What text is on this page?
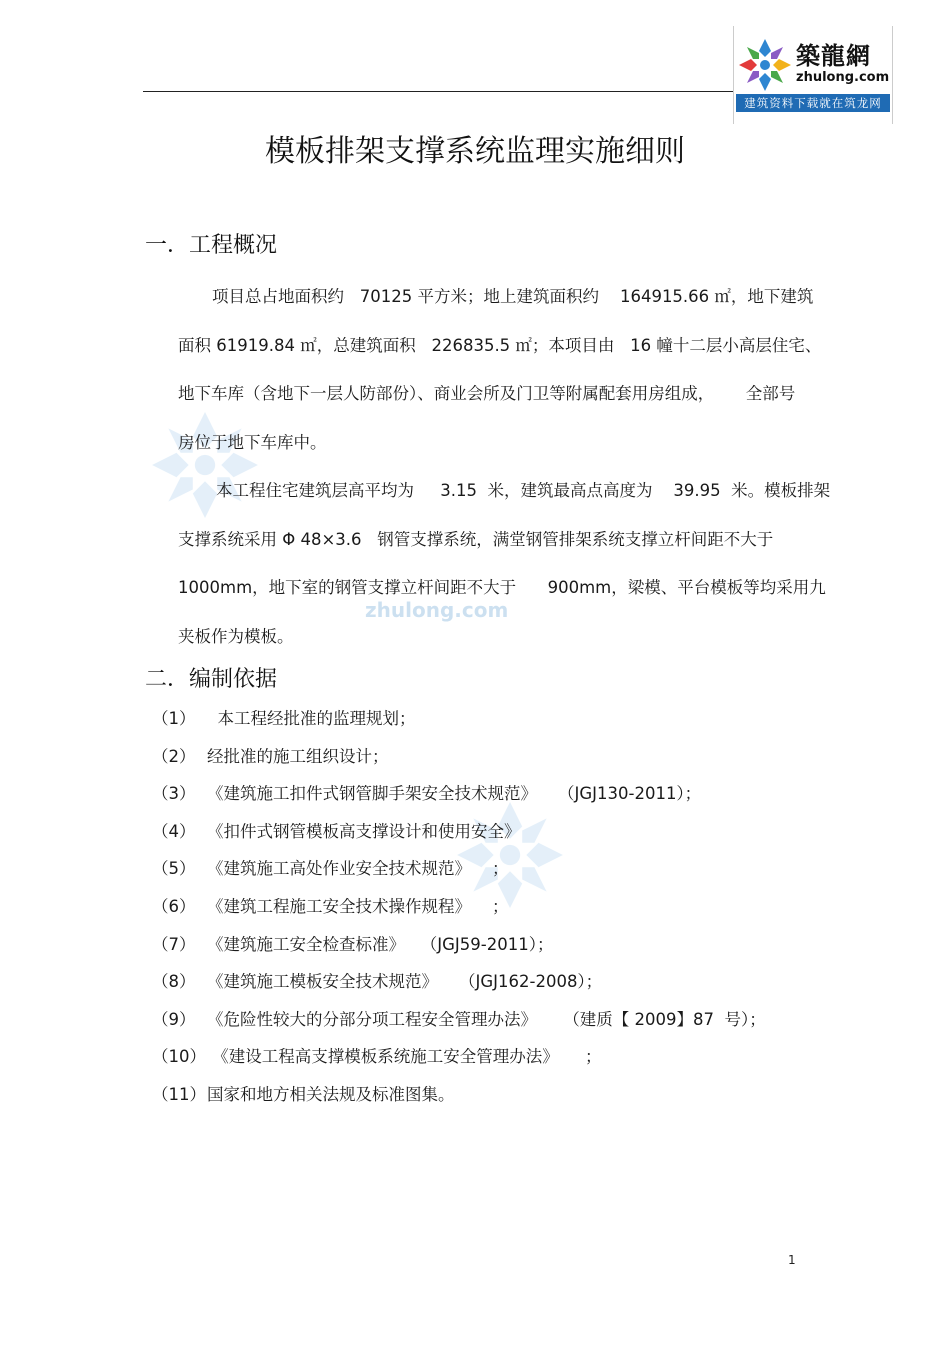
築龍網
zhulong.com
建筑资料下载就在筑龙网
zhulong.com
模板排架支撑系统监理实施细则
一．工程概况
项目总占地面积约   70125 平方米；地上建筑面积约    164915.66 ㎡，地下建筑
面积 61919.84 ㎡，总建筑面积   226835.5 ㎡；本项目由   16 幢十二层小高层住宅、
地下车库（含地下一层人防部份）、商业会所及门卫等附属配套用房组成，      全部号
房位于地下车库中。
本工程住宅建筑层高平均为     3.15  米，建筑最高点高度为    39.95  米。模板排架
支撑系统采用 Φ 48×3.6   钢管支撑系统，满堂钢管排架系统支撑立杆间距不大于
1000mm，地下室的钢管支撑立杆间距不大于      900mm，梁模、平台模板等均采用九
夹板作为模板。
二．编制依据
（1）  本工程经批准的监理规划；
（2） 经批准的施工组织设计；
（3） 《建筑施工扣件式钢管脚手架安全技术规范》    （JGJ130-2011）；
（4） 《扣件式钢管模板高支撑设计和使用安全》
（5） 《建筑施工高处作业安全技术规范》    ；
（6） 《建筑工程施工安全技术操作规程》    ；
（7） 《建筑施工安全检查标准》   （JGJ59-2011）；
（8） 《建筑施工模板安全技术规范》    （JGJ162-2008）；
（9） 《危险性较大的分部分项工程安全管理办法》     （建质【 2009】87  号）；
（10） 《建设工程高支撑模板系统施工安全管理办法》     ；
（11）国家和地方相关法规及标准图集。
1
